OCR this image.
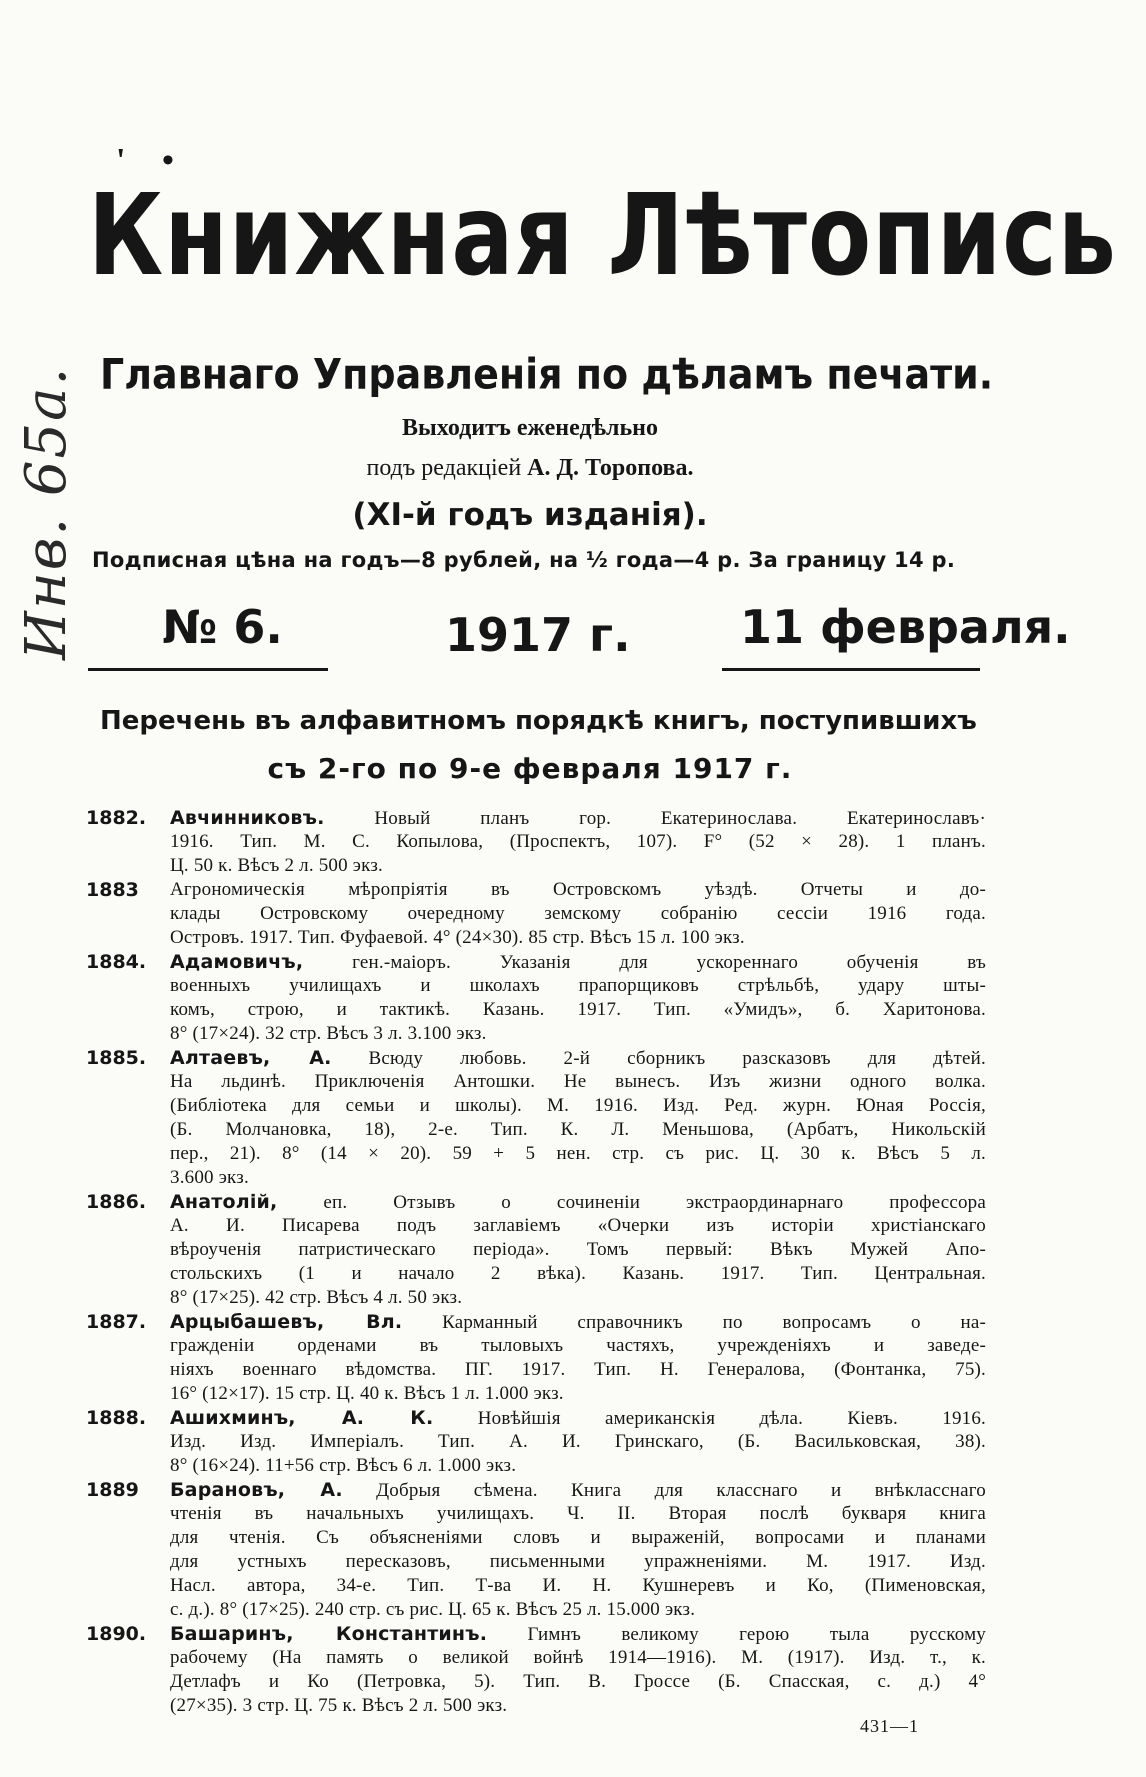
' •
Инв. 65а.
Книжная Лѣтопись
Главнаго Управленія по дѣламъ печати.
Выходитъ еженедѣльно
подъ редакціей А. Д. Торопова.
(XI-й годъ изданія).
Подписная цѣна на годъ—8 рублей, на ½ года—4 р. За границу 14 р.
№ 6.	1917 г. 11 февраля.
Перечень въ алфавитномъ порядкѣ книгъ, поступившихъ
съ 2-го по 9-е февраля 1917 г.
1882. Авчинниковъ.	Новый планъ гор. Екатеринослава. Екатеринославъ·
1916. Тип. М. С. Копылова, (Проспектъ, 107). F° (52 × 28). 1 планъ.
Ц. 50 к. Вѣсъ 2 л. 500 экз.
1883 Агрономическія мѣропріятія въ Островскомъ уѣздѣ. Отчеты и до-
клады Островскому очередному земскому собранію сессіи 1916 года.
Островъ. 1917. Тип. Фуфаевой. 4° (24×30). 85 стр. Вѣсъ 15 л. 100 экз.
1884. Адамовичъ,	ген.-маіоръ. Указанія для ускореннаго обученія въ
военныхъ училищахъ и школахъ прапорщиковъ стрѣльбѣ, удару шты-
комъ, строю, и тактикѣ. Казань. 1917. Тип. «Умидъ», б. Харитонова.
8° (17×24). 32 стр. Вѣсъ 3 л. 3.100 экз.
1885. Алтаевъ, А. Всюду любовь. 2-й сборникъ разсказовъ для дѣтей.
На льдинѣ. Приключенія Антошки. Не вынесъ. Изъ жизни одного волка.
(Библіотека для семьи и школы). М. 1916. Изд. Ред. журн. Юная Россія,
(Б. Молчановка, 18), 2-е. Тип. К. Л. Меньшова, (Арбатъ, Никольскій
пер., 21). 8° (14 × 20). 59 + 5 нен. стр. съ рис. Ц. 30 к. Вѣсъ 5 л.
3.600 экз.
1886. Анатолій, еп. Отзывъ о сочиненіи экстраординарнаго профессора
А. И. Писарева подъ заглавіемъ «Очерки изъ исторіи христіанскаго
вѣроученія патристическаго періода». Томъ первый: Вѣкъ Мужей Апо-
стольскихъ (1 и начало 2 вѣка). Казань. 1917. Тип. Центральная.
8° (17×25). 42 стр. Вѣсъ 4 л. 50 экз.
1887. Арцыбашевъ, Вл. Карманный справочникъ по вопросамъ о на-
гражденіи орденами въ тыловыхъ частяхъ, учрежденіяхъ и заведе-
ніяхъ военнаго вѣдомства. ПГ. 1917. Тип. Н. Генералова, (Фонтанка, 75).
16° (12×17). 15 стр. Ц. 40 к. Вѣсъ 1 л. 1.000 экз.
1888. Ашихминъ, А. К. Новѣйшія американскія дѣла. Кіевъ. 1916.
Изд. Изд. Имперіалъ. Тип. А. И. Гринскаго, (Б. Васильковская, 38).
8° (16×24). 11+56 стр. Вѣсъ 6 л. 1.000 экз.
1889 Барановъ, А. Добрыя сѣмена. Книга для класснаго и внѣкласснаго
чтенія въ начальныхъ училищахъ. Ч. II. Вторая послѣ букваря книга
для чтенія. Съ объясненіями словъ и выраженій, вопросами и планами
для устныхъ пересказовъ, письменными упражненіями. М. 1917. Изд.
Насл. автора, 34-е. Тип. Т-ва И. Н. Кушнеревъ и Ко, (Пименовская,
с. д.). 8° (17×25). 240 стр. съ рис. Ц. 65 к. Вѣсъ 25 л. 15.000 экз.
1890. Башаринъ, Константинъ. Гимнъ великому герою тыла русскому
рабочему (На память о великой войнѣ 1914—1916). М. (1917). Изд. т., к.
Детлафъ и Ко (Петровка, 5). Тип. В. Гроссе (Б. Спасская, с. д.) 4°
(27×35). 3 стр. Ц. 75 к. Вѣсъ 2 л. 500 экз.
431—1
